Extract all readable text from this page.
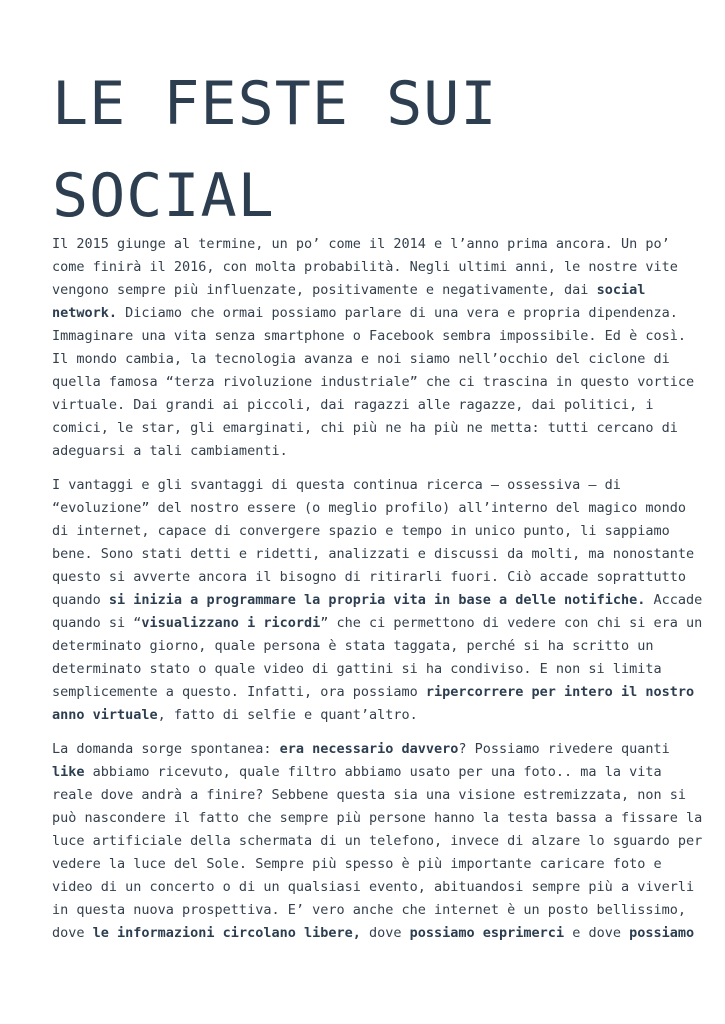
LE FESTE SUI SOCIAL

Il 2015 giunge al termine, un po’ come il 2014 e l’anno prima ancora. Un po’
come finirà il 2016, con molta probabilità. Negli ultimi anni, le nostre vite
vengono sempre più influenzate, positivamente e negativamente, dai social
network. Diciamo che ormai possiamo parlare di una vera e propria dipendenza.
Immaginare una vita senza smartphone o Facebook sembra impossibile. Ed è così.
Il mondo cambia, la tecnologia avanza e noi siamo nell’occhio del ciclone di
quella famosa “terza rivoluzione industriale” che ci trascina in questo vortice
virtuale. Dai grandi ai piccoli, dai ragazzi alle ragazze, dai politici, i
comici, le star, gli emarginati, chi più ne ha più ne metta: tutti cercano di
adeguarsi a tali cambiamenti.

I vantaggi e gli svantaggi di questa continua ricerca – ossessiva – di
“evoluzione” del nostro essere (o meglio profilo) all’interno del magico mondo
di internet, capace di convergere spazio e tempo in unico punto, li sappiamo
bene. Sono stati detti e ridetti, analizzati e discussi da molti, ma nonostante
questo si avverte ancora il bisogno di ritirarli fuori. Ciò accade soprattutto
quando si inizia a programmare la propria vita in base a delle notifiche. Accade
quando si “visualizzano i ricordi” che ci permettono di vedere con chi si era un
determinato giorno, quale persona è stata taggata, perché si ha scritto un
determinato stato o quale video di gattini si ha condiviso. E non si limita
semplicemente a questo. Infatti, ora possiamo ripercorrere per intero il nostro
anno virtuale, fatto di selfie e quant’altro.

La domanda sorge spontanea: era necessario davvero? Possiamo rivedere quanti
like abbiamo ricevuto, quale filtro abbiamo usato per una foto.. ma la vita
reale dove andrà a finire? Sebbene questa sia una visione estremizzata, non si
può nascondere il fatto che sempre più persone hanno la testa bassa a fissare la
luce artificiale della schermata di un telefono, invece di alzare lo sguardo per
vedere la luce del Sole. Sempre più spesso è più importante caricare foto e
video di un concerto o di un qualsiasi evento, abituandosi sempre più a viverli
in questa nuova prospettiva. E’ vero anche che internet è un posto bellissimo,
dove le informazioni circolano libere, dove possiamo esprimerci e dove possiamo
